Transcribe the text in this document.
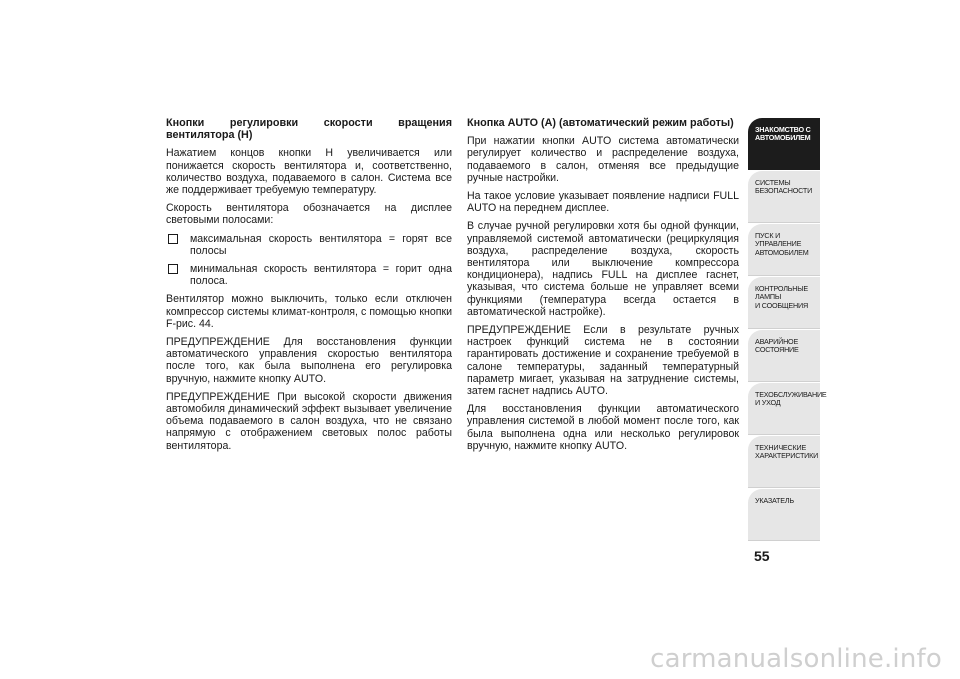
Кнопки регулировки скорости вращения вентилятора (H)

Нажатием концов кнопки H увеличивается или понижается скорость вентилятора и, соответственно, количество воздуха, подаваемого в салон. Система все же поддерживает требуемую температуру.

Скорость вентилятора обозначается на дисплее световыми полосами:

максимальная скорость вентилятора = горят все полосы
минимальная скорость вентилятора = горит одна полоса.

Вентилятор можно выключить, только если отключен компрессор системы климат-контроля, с помощью кнопки F-рис. 44.

ПРЕДУПРЕЖДЕНИЕ Для восстановления функции автоматического управления скоростью вентилятора после того, как была выполнена его регулировка вручную, нажмите кнопку AUTO.

ПРЕДУПРЕЖДЕНИЕ При высокой скорости движения автомобиля динамический эффект вызывает увеличение объема подаваемого в салон воздуха, что не связано напрямую с отображением световых полос работы вентилятора.

Кнопка AUTO (A) (автоматический режим работы)

При нажатии кнопки AUTO система автоматически регулирует количество и распределение воздуха, подаваемого в салон, отменяя все предыдущие ручные настройки.

На такое условие указывает появление надписи FULL AUTO на переднем дисплее.

В случае ручной регулировки хотя бы одной функции, управляемой системой автоматически (рециркуляция воздуха, распределение воздуха, скорость вентилятора или выключение компрессора кондиционера), надпись FULL на дисплее гаснет, указывая, что система больше не управляет всеми функциями (температура всегда остается в автоматической настройке).

ПРЕДУПРЕЖДЕНИЕ Если в результате ручных настроек функций система не в состоянии гарантировать достижение и сохранение требуемой в салоне температуры, заданный температурный параметр мигает, указывая на затруднение системы, затем гаснет надпись AUTO.

Для восстановления функции автоматического управления системой в любой момент после того, как была выполнена одна или несколько регулировок вручную, нажмите кнопку AUTO.

ЗНАКОМСТВО С
АВТОМОБИЛЕМ
СИСТЕМЫ
БЕЗОПАСНОСТИ
ПУСК И УПРАВЛЕНИЕ
АВТОМОБИЛЕМ
КОНТРОЛЬНЫЕ
ЛАМПЫ
И СООБЩЕНИЯ
АВАРИЙНОЕ
СОСТОЯНИЕ
ТЕХОБСЛУЖИВАНИЕ
И УХОД
ТЕХНИЧЕСКИЕ
ХАРАКТЕРИСТИКИ
УКАЗАТЕЛЬ
55
carmanualsonline.info
